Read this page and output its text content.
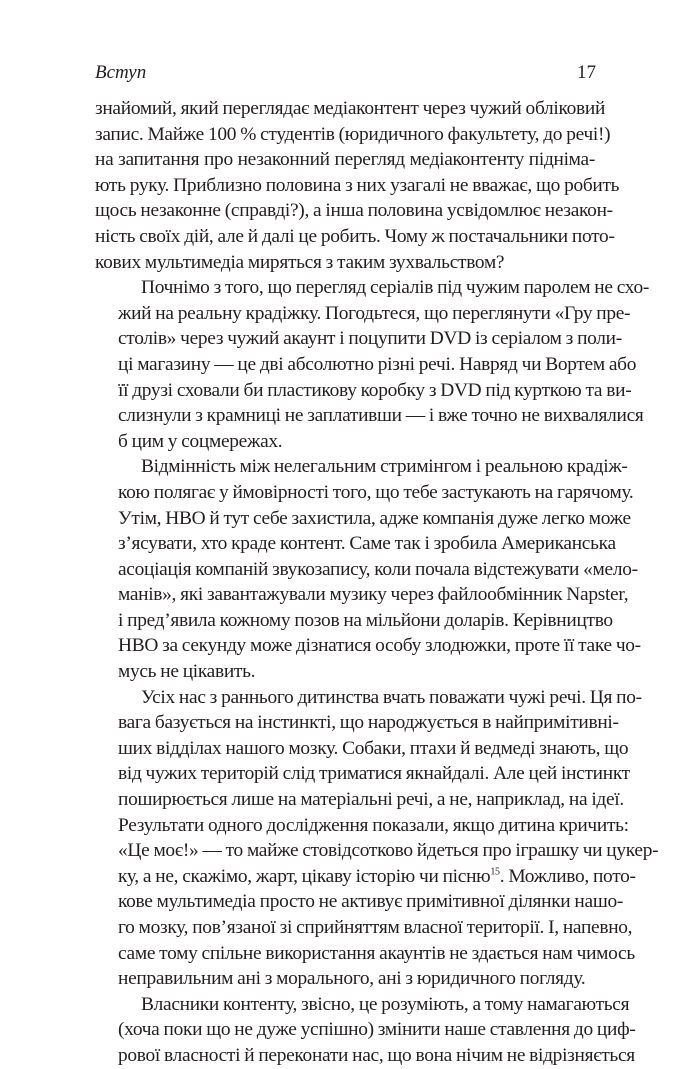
Вступ	17

знайомий, який переглядає медіаконтент через чужий обліковий
запис. Майже 100 % студентів (юридичного факультету, до речі!)
на запитання про незаконний перегляд медіаконтенту підніма-
ють руку. Приблизно половина з них узагалі не вважає, що робить
щось незаконне (справді?), а інша половина усвідомлює незакон-
ність своїх дій, але й далі це робить. Чому ж постачальники пото-
кових мультимедіа миряться з таким зухвальством?

Почнімо з того, що перегляд серіалів під чужим паролем не схо-
жий на реальну крадіжку. Погодьтеся, що переглянути «Гру пре-
столів» через чужий акаунт і поцупити DVD із серіалом з поли-
ці магазину — це дві абсолютно різні речі. Навряд чи Вортем або
її друзі сховали би пластикову коробку з DVD під курткою та ви-
слизнули з крамниці не заплативши — і вже точно не вихвалялися
б цим у соцмережах.

Відмінність між нелегальним стримінгом і реальною крадіж-
кою полягає у ймовірності того, що тебе застукають на гарячому.
Утім, HBO й тут себе захистила, адже компанія дуже легко може
з’ясувати, хто краде контент. Саме так і зробила Американська
асоціація компаній звукозапису, коли почала відстежувати «мело-
манів», які завантажували музику через файлообмінник Napster,
і пред’явила кожному позов на мільйони доларів. Керівництво
HBO за секунду може дізнатися особу злодюжки, проте її таке чо-
мусь не цікавить.

Усіх нас з раннього дитинства вчать поважати чужі речі. Ця по-
вага базується на інстинкті, що народжується в найпримітивні-
ших відділах нашого мозку. Собаки, птахи й ведмеді знають, що
від чужих територій слід триматися якнайдалі. Але цей інстинкт
поширюється лише на матеріальні речі, а не, наприклад, на ідеї.
Результати одного дослідження показали, якщо дитина кричить:
«Це моє!» — то майже стовідсотково йдеться про іграшку чи цукер-
ку, а не, скажімо, жарт, цікаву історію чи пісню$^{15}$. Можливо, пото-
кове мультимедіа просто не активує примітивної ділянки нашо-
го мозку, пов’язаної зі сприйняттям власної території. І, напевно,
саме тому спільне використання акаунтів не здається нам чимось
неправильним ані з морального, ані з юридичного погляду.

Власники контенту, звісно, це розуміють, а тому намагаються
(хоча поки що не дуже успішно) змінити наше ставлення до циф-
рової власності й переконати нас, що вона нічим не відрізняється
